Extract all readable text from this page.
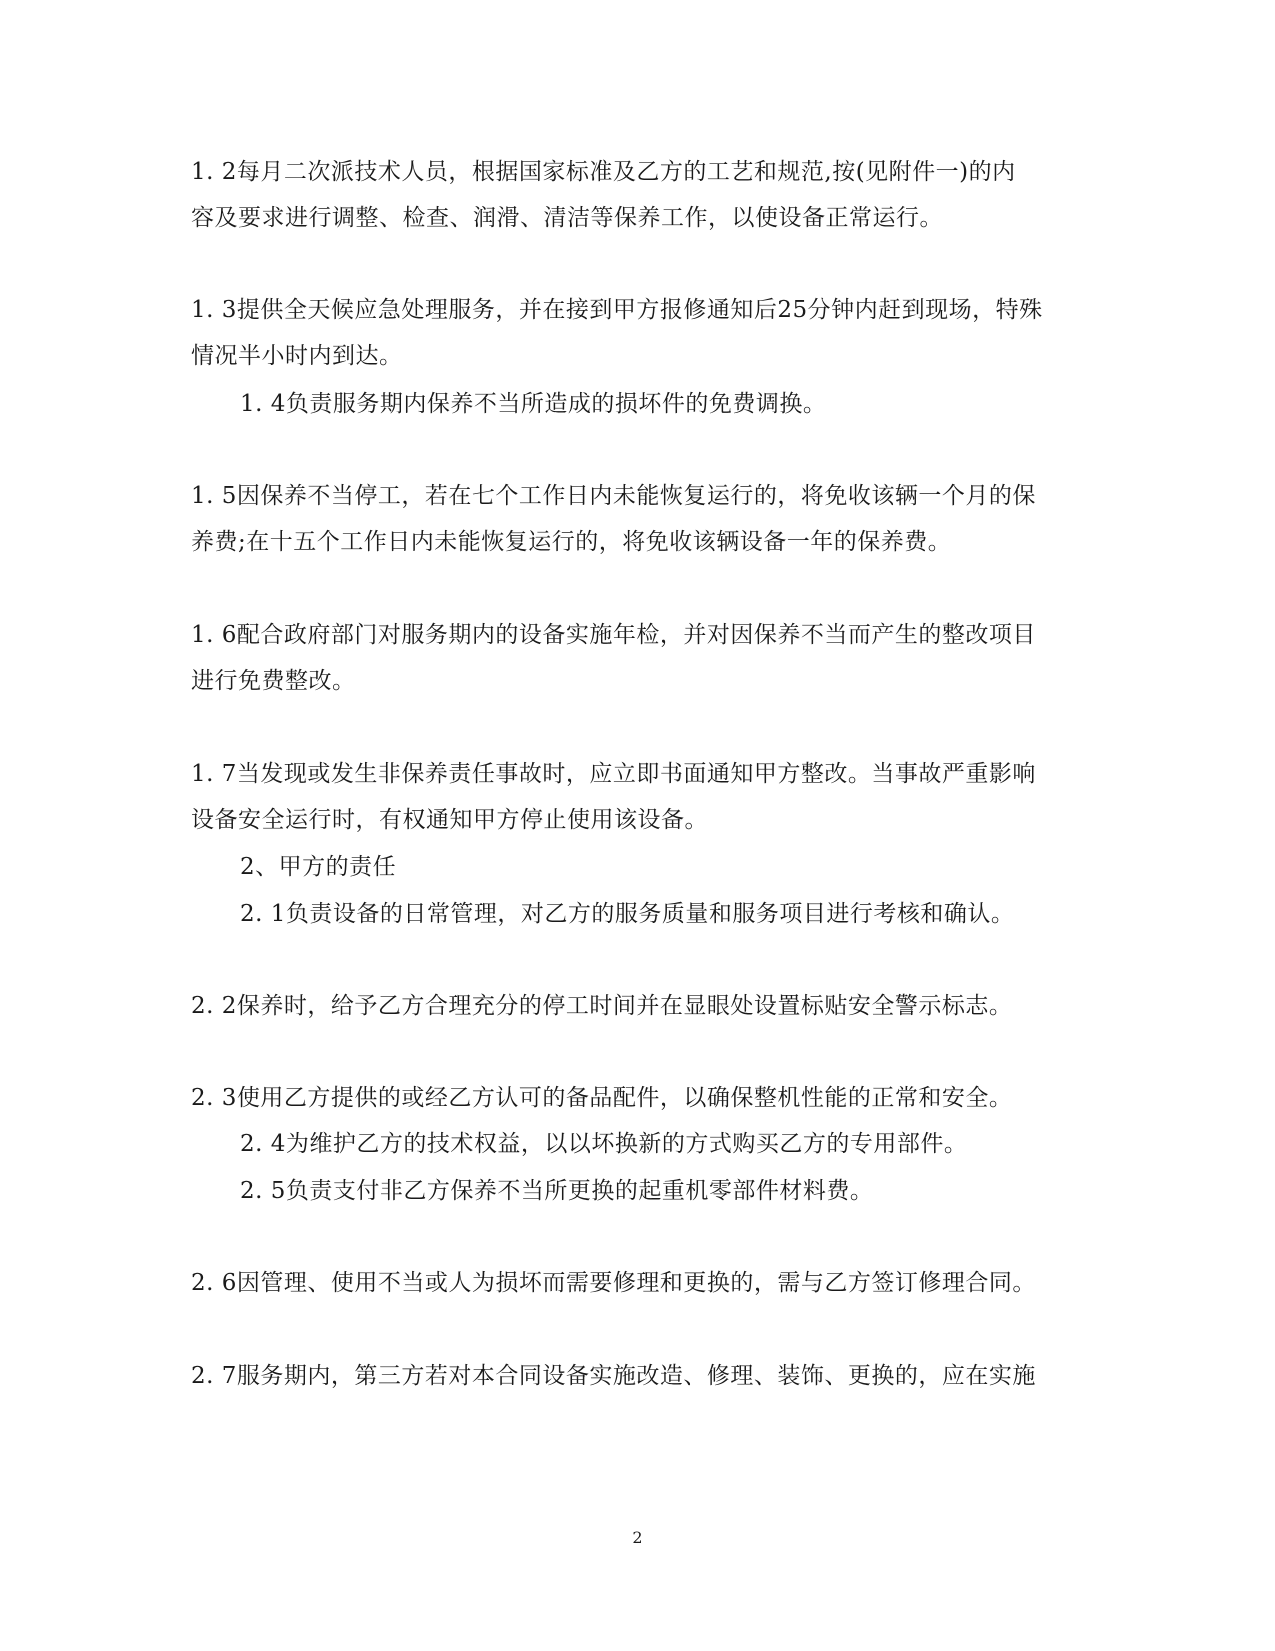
1. 2每月二次派技术人员，根据国家标准及乙方的工艺和规范,按(见附件一)的内
容及要求进行调整、检查、润滑、清洁等保养工作，以使设备正常运行。
1. 3提供全天候应急处理服务，并在接到甲方报修通知后25分钟内赶到现场，特殊
情况半小时内到达。
1. 4负责服务期内保养不当所造成的损坏件的免费调换。
1. 5因保养不当停工，若在七个工作日内未能恢复运行的，将免收该辆一个月的保
养费;在十五个工作日内未能恢复运行的，将免收该辆设备一年的保养费。
1. 6配合政府部门对服务期内的设备实施年检，并对因保养不当而产生的整改项目
进行免费整改。
1. 7当发现或发生非保养责任事故时，应立即书面通知甲方整改。当事故严重影响
设备安全运行时，有权通知甲方停止使用该设备。
2、甲方的责任
2. 1负责设备的日常管理，对乙方的服务质量和服务项目进行考核和确认。
2. 2保养时，给予乙方合理充分的停工时间并在显眼处设置标贴安全警示标志。
2. 3使用乙方提供的或经乙方认可的备品配件，以确保整机性能的正常和安全。
2. 4为维护乙方的技术权益，以以坏换新的方式购买乙方的专用部件。
2. 5负责支付非乙方保养不当所更换的起重机零部件材料费。
2. 6因管理、使用不当或人为损坏而需要修理和更换的，需与乙方签订修理合同。
2. 7服务期内，第三方若对本合同设备实施改造、修理、装饰、更换的，应在实施
2
